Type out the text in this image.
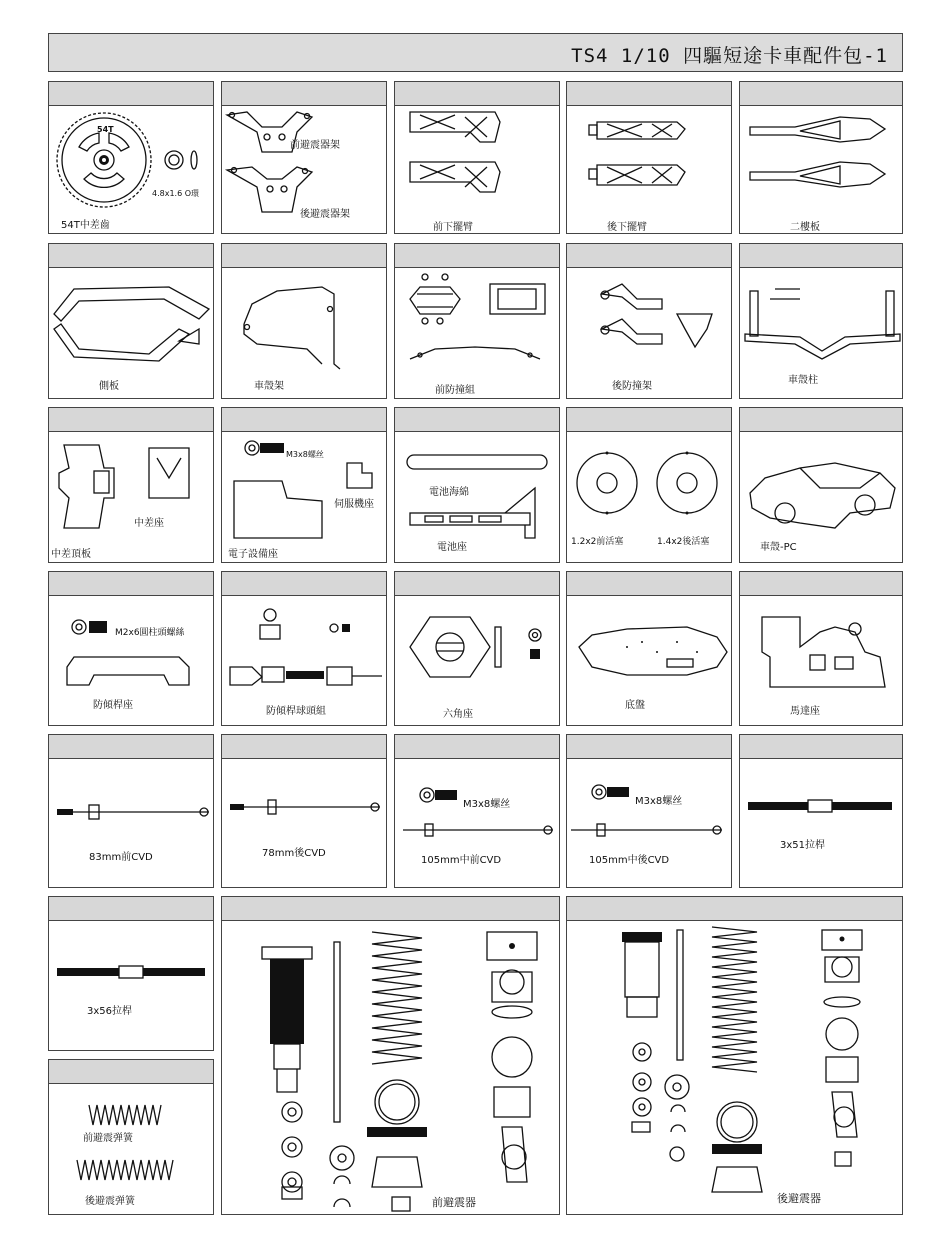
TS4 1/10 四驅短途卡車配件包-1
54T
4.8x1.6 O環
54T中差齒
前避震器架
後避震器架
前下擺臂	後下擺臂	二樓板
側板	車殼架	前防撞組	後防撞架
車殼柱
中差座
中差頂板
M3x8螺丝
伺服機座
電子設備座
電池海綿
電池座	1.2x2前活塞	1.4x2後活塞	車殼-PC
M2x6圓柱頭螺絲
防傾桿座
防傾桿球頭組	六角座
底盤
馬達座
83mm前CVD	78mm後CVD
M3x8螺丝
105mm中前CVD
M3x8螺丝
105mm中後CVD
3x51拉桿
3x56拉桿
前避震弹簧
後避震弹簧	前避震器	後避震器
